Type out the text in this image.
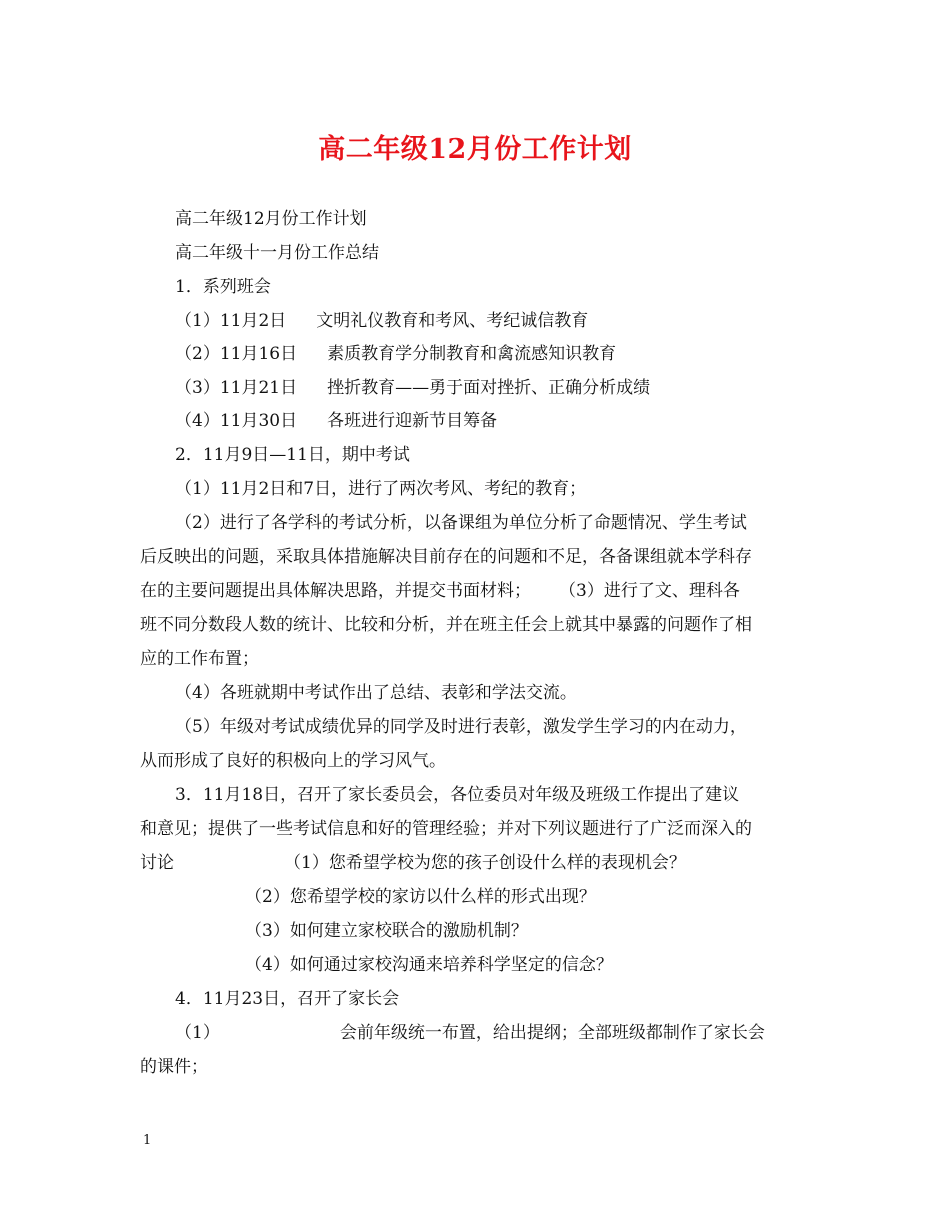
高二年级12月份工作计划
高二年级12月份工作计划
高二年级十一月份工作总结
1．系列班会
（1）11月2日 文明礼仪教育和考风、考纪诚信教育
（2）11月16日 素质教育学分制教育和禽流感知识教育
（3）11月21日 挫折教育——勇于面对挫折、正确分析成绩
（4）11月30日 各班进行迎新节目筹备
2．11月9日—11日，期中考试
（1）11月2日和7日，进行了两次考风、考纪的教育；
（2）进行了各学科的考试分析，以备课组为单位分析了命题情况、学生考试
后反映出的问题，采取具体措施解决目前存在的问题和不足，各备课组就本学科存
在的主要问题提出具体解决思路，并提交书面材料； （3）进行了文、理科各
班不同分数段人数的统计、比较和分析，并在班主任会上就其中暴露的问题作了相
应的工作布置；
（4）各班就期中考试作出了总结、表彰和学法交流。
（5）年级对考试成绩优异的同学及时进行表彰，激发学生学习的内在动力，
从而形成了良好的积极向上的学习风气。
3．11月18日，召开了家长委员会，各位委员对年级及班级工作提出了建议
和意见；提供了一些考试信息和好的管理经验；并对下列议题进行了广泛而深入的
讨论	（1）您希望学校为您的孩子创设什么样的表现机会？
（2）您希望学校的家访以什么样的形式出现？
（3）如何建立家校联合的激励机制？
（4）如何通过家校沟通来培养科学坚定的信念？
4．11月23日，召开了家长会
（1）	会前年级统一布置，给出提纲；全部班级都制作了家长会
的课件；
1
